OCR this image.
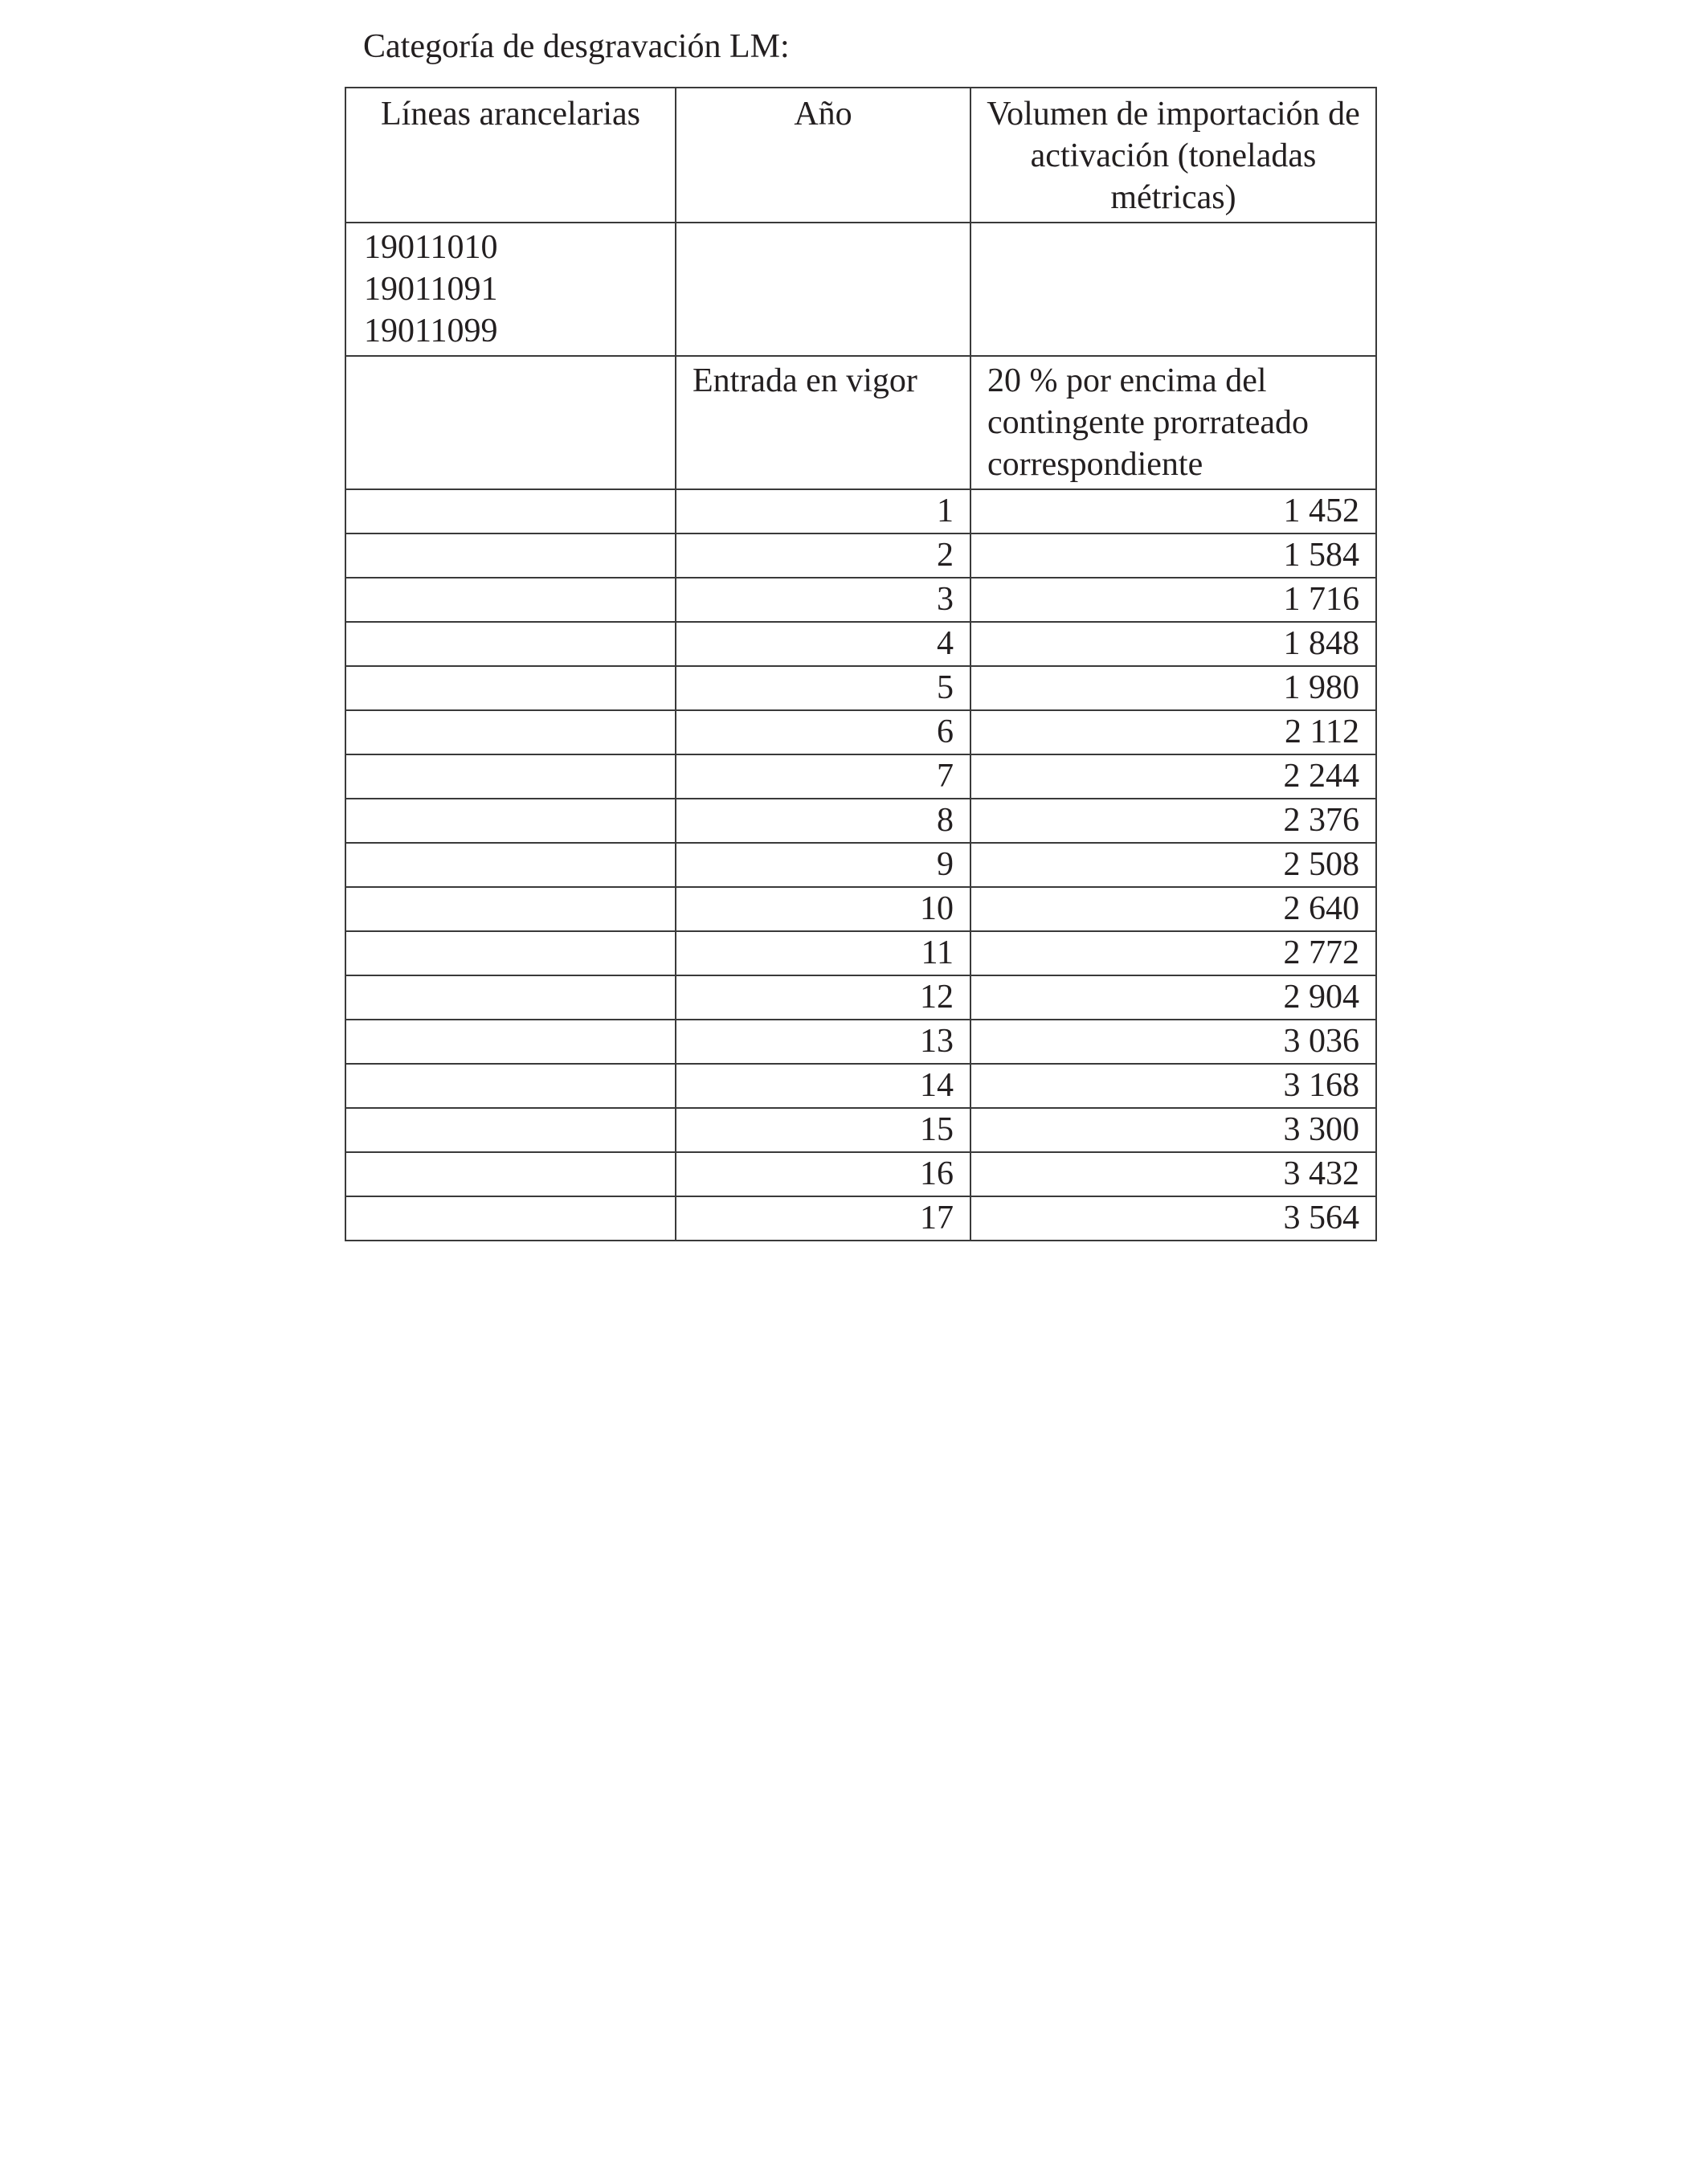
Categoría de desgravación LM:
Líneas arancelarias	Año	Volumen de importación de activación (toneladas métricas)

19011010
19011091
19011099		

	Entrada en vigor	20 % por encima del contingente prorrateado correspondiente
	1	1 452
	2	1 584
	3	1 716
	4	1 848
	5	1 980
	6	2 112
	7	2 244
	8	2 376
	9	2 508
	10	2 640
	11	2 772
	12	2 904
	13	3 036
	14	3 168
	15	3 300
	16	3 432
	17	3 564
